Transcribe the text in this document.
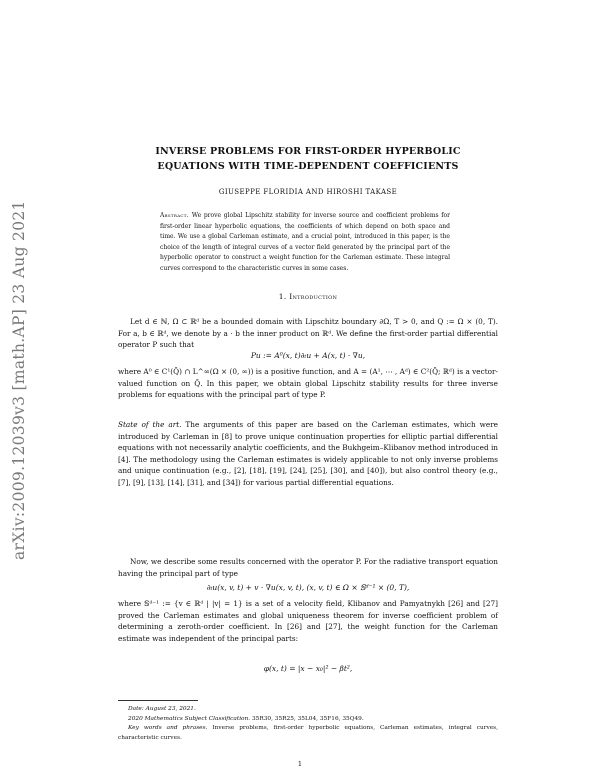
arXiv:2009.12039v3 [math.AP] 23 Aug 2021
INVERSE PROBLEMS FOR FIRST-ORDER HYPERBOLIC
EQUATIONS WITH TIME-DEPENDENT COEFFICIENTS
GIUSEPPE FLORIDIA AND HIROSHI TAKASE
Abstract. We prove global Lipschitz stability for inverse source and coefficient problems for first-order linear hyperbolic equations, the coefficients of which depend on both space and time. We use a global Carleman estimate, and a crucial point, introduced in this paper, is the choice of the length of integral curves of a vector field generated by the principal part of the hyperbolic operator to construct a weight function for the Carleman estimate. These integral curves correspond to the characteristic curves in some cases.
1. Introduction

Let d ∈ ℕ, Ω ⊂ ℝᵈ be a bounded domain with Lipschitz boundary ∂Ω, T > 0, and Q := Ω × (0, T). For a, b ∈ ℝᵈ, we denote by a · b the inner product on ℝᵈ. We define the first-order partial differential operator P such that

Pu := A⁰(x, t)∂ₜu + A(x, t) · ∇u,

where A⁰ ∈ C¹(Q̄) ∩ L^∞(Ω × (0, ∞)) is a positive function, and A = (A¹, ⋯ , Aᵈ) ∈ C²(Q̄; ℝᵈ) is a vector-valued function on Q̄. In this paper, we obtain global Lipschitz stability results for three inverse problems for equations with the principal part of type P.

State of the art. The arguments of this paper are based on the Carleman estimates, which were introduced by Carleman in [8] to prove unique continuation properties for elliptic partial differential equations with not necessarily analytic coefficients, and the Bukhgeim–Klibanov method introduced in [4]. The methodology using the Carleman estimates is widely applicable to not only inverse problems and unique continuation (e.g., [2], [18], [19], [24], [25], [30], and [40]), but also control theory (e.g., [7], [9], [13], [14], [31], and [34]) for various partial differential equations.

Now, we describe some results concerned with the operator P. For the radiative transport equation having the principal part of type

∂ₜu(x, v, t) + v · ∇u(x, v, t), (x, v, t) ∈ Ω × 𝕊ᵈ⁻¹ × (0, T),

where 𝕊ᵈ⁻¹ := {v ∈ ℝᵈ | |v| = 1} is a set of a velocity field, Klibanov and Pamyatnykh [26] and [27] proved the Carleman estimates and global uniqueness theorem for inverse coefficient problem of determining a zeroth-order coefficient. In [26] and [27], the weight function for the Carleman estimate was independent of the principal parts:

φ(x, t) = |x − x₀|² − βt²,

Date: August 23, 2021.

2020 Mathematics Subject Classification. 35R30, 35R25, 35L04, 35F16, 35Q49.

Key words and phrases. Inverse problems, first-order hyperbolic equations, Carleman estimates, integral curves, characteristic curves.

1
